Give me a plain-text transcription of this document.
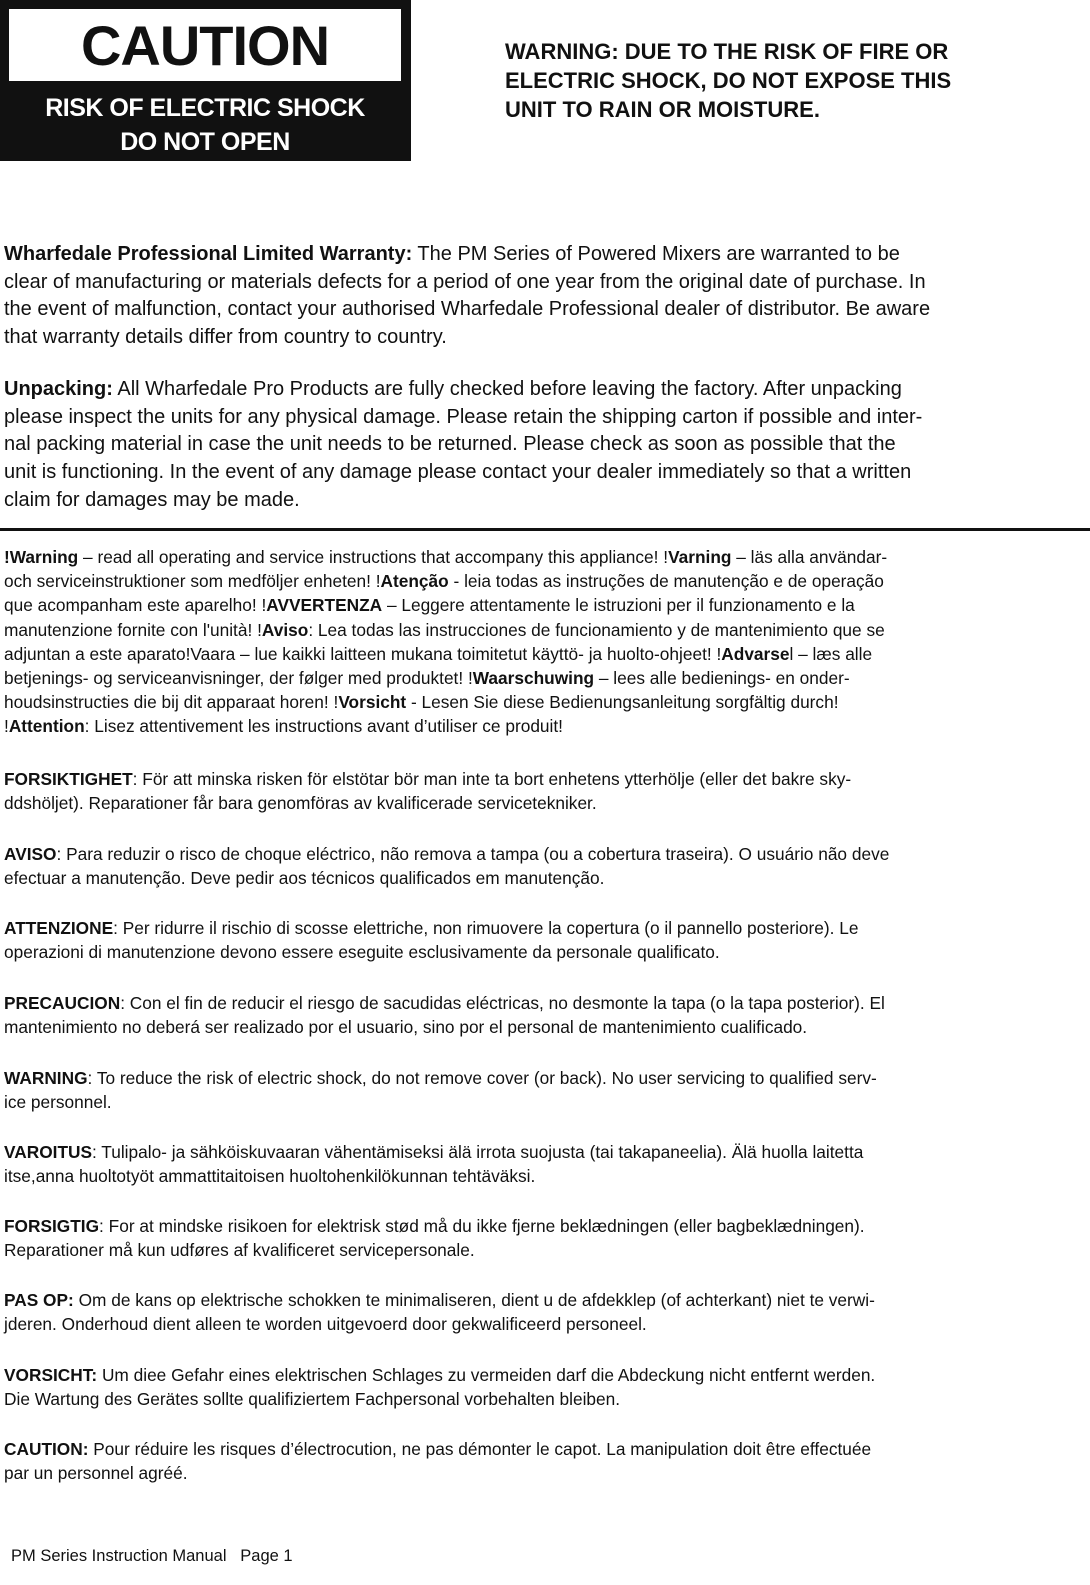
CAUTION
RISK OF ELECTRIC SHOCK
DO NOT OPEN
WARNING: DUE TO THE RISK OF FIRE OR
ELECTRIC SHOCK, DO NOT EXPOSE THIS
UNIT TO RAIN OR MOISTURE.
Wharfedale Professional Limited Warranty: The PM Series of Powered Mixers are warranted to be
clear of manufacturing or materials defects for a period of one year from the original date of purchase. In
the event of malfunction, contact your authorised Wharfedale Professional dealer of distributor. Be aware
that warranty details differ from country to country.
Unpacking: All Wharfedale Pro Products are fully checked before leaving the factory. After unpacking
please inspect the units for any physical damage. Please retain the shipping carton if possible and inter-
nal packing material in case the unit needs to be returned. Please check as soon as possible that the
unit is functioning. In the event of any damage please contact your dealer immediately so that a written
claim for damages may be made.
!Warning – read all operating and service instructions that accompany this appliance! !Varning – läs alla användar-
och serviceinstruktioner som medföljer enheten! !Atenção - leia todas as instruções de manutenção e de operação
que acompanham este aparelho! !AVVERTENZA – Leggere attentamente le istruzioni per il funzionamento e la
manutenzione fornite con l'unità! !Aviso: Lea todas las instrucciones de funcionamiento y de mantenimiento que se
adjuntan a este aparato!Vaara – lue kaikki laitteen mukana toimitetut käyttö- ja huolto-ohjeet! !Advarsel – læs alle
betjenings- og serviceanvisninger, der følger med produktet! !Waarschuwing – lees alle bedienings- en onder-
houdsinstructies die bij dit apparaat horen! !Vorsicht - Lesen Sie diese Bedienungsanleitung sorgfältig durch!
!Attention: Lisez attentivement les instructions avant d’utiliser ce produit!
FORSIKTIGHET: För att minska risken för elstötar bör man inte ta bort enhetens ytterhölje (eller det bakre sky-
ddshöljet). Reparationer får bara genomföras av kvalificerade servicetekniker.
AVISO: Para reduzir o risco de choque eléctrico, não remova a tampa (ou a cobertura traseira). O usuário não deve
efectuar a manutenção. Deve pedir aos técnicos qualificados em manutenção.
ATTENZIONE: Per ridurre il rischio di scosse elettriche, non rimuovere la copertura (o il pannello posteriore). Le
operazioni di manutenzione devono essere eseguite esclusivamente da personale qualificato.
PRECAUCION: Con el fin de reducir el riesgo de sacudidas eléctricas, no desmonte la tapa (o la tapa posterior). El
mantenimiento no deberá ser realizado por el usuario, sino por el personal de mantenimiento cualificado.
WARNING: To reduce the risk of electric shock, do not remove cover (or back). No user servicing to qualified serv-
ice personnel.
VAROITUS: Tulipalo- ja sähköiskuvaaran vähentämiseksi älä irrota suojusta (tai takapaneelia). Älä huolla laitetta
itse,anna huoltotyöt ammattitaitoisen huoltohenkilökunnan tehtäväksi.
FORSIGTIG: For at mindske risikoen for elektrisk stød må du ikke fjerne beklædningen (eller bagbeklædningen).
Reparationer må kun udføres af kvalificeret servicepersonale.
PAS OP: Om de kans op elektrische schokken te minimaliseren, dient u de afdekklep (of achterkant) niet te verwi-
jderen. Onderhoud dient alleen te worden uitgevoerd door gekwalificeerd personeel.
VORSICHT: Um diee Gefahr eines elektrischen Schlages zu vermeiden darf die Abdeckung nicht entfernt werden.
Die Wartung des Gerätes sollte qualifiziertem Fachpersonal vorbehalten bleiben.
CAUTION: Pour réduire les risques d’électrocution, ne pas démonter le capot. La manipulation doit être effectuée
par un personnel agréé.
PM Series Instruction Manual Page 1
